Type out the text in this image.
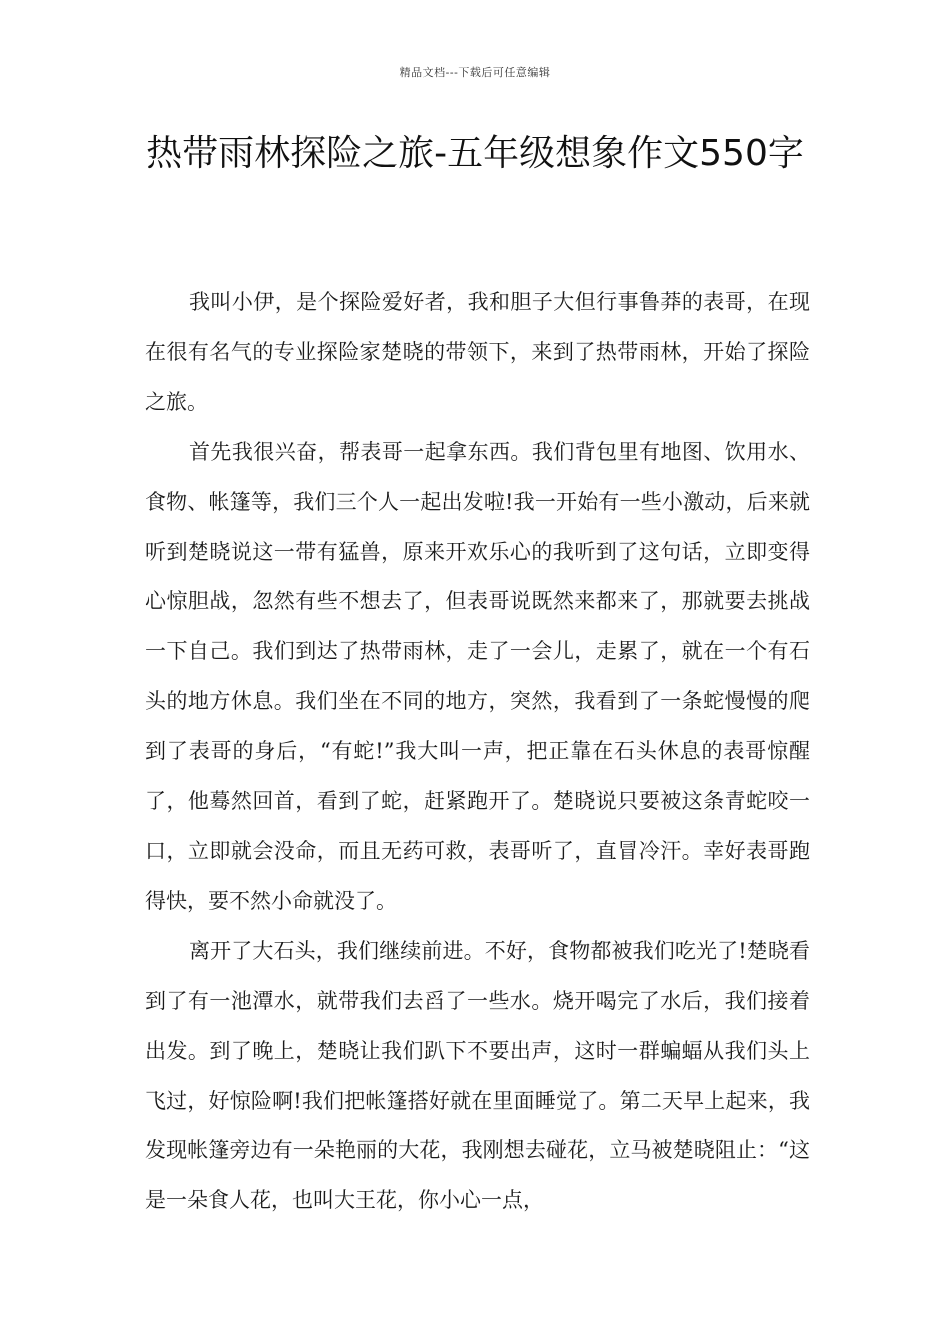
精品文档---下载后可任意编辑
热带雨林探险之旅-五年级想象作文550字

我叫小伊，是个探险爱好者，我和胆子大但行事鲁莽的表哥，在现在很有名气的专业探险家楚晓的带领下，来到了热带雨林，开始了探险之旅。

首先我很兴奋，帮表哥一起拿东西。我们背包里有地图、饮用水、食物、帐篷等，我们三个人一起出发啦!我一开始有一些小激动，后来就听到楚晓说这一带有猛兽，原来开欢乐心的我听到了这句话，立即变得心惊胆战，忽然有些不想去了，但表哥说既然来都来了，那就要去挑战一下自己。我们到达了热带雨林，走了一会儿，走累了，就在一个有石头的地方休息。我们坐在不同的地方，突然，我看到了一条蛇慢慢的爬到了表哥的身后，“有蛇!”我大叫一声，把正靠在石头休息的表哥惊醒了，他蓦然回首，看到了蛇，赶紧跑开了。楚晓说只要被这条青蛇咬一口，立即就会没命，而且无药可救，表哥听了，直冒冷汗。幸好表哥跑得快，要不然小命就没了。

离开了大石头，我们继续前进。不好，食物都被我们吃光了!楚晓看到了有一池潭水，就带我们去舀了一些水。烧开喝完了水后，我们接着出发。到了晚上，楚晓让我们趴下不要出声，这时一群蝙蝠从我们头上飞过，好惊险啊!我们把帐篷搭好就在里面睡觉了。第二天早上起来，我发现帐篷旁边有一朵艳丽的大花，我刚想去碰花，立马被楚晓阻止：“这是一朵食人花，也叫大王花，你小心一点，
